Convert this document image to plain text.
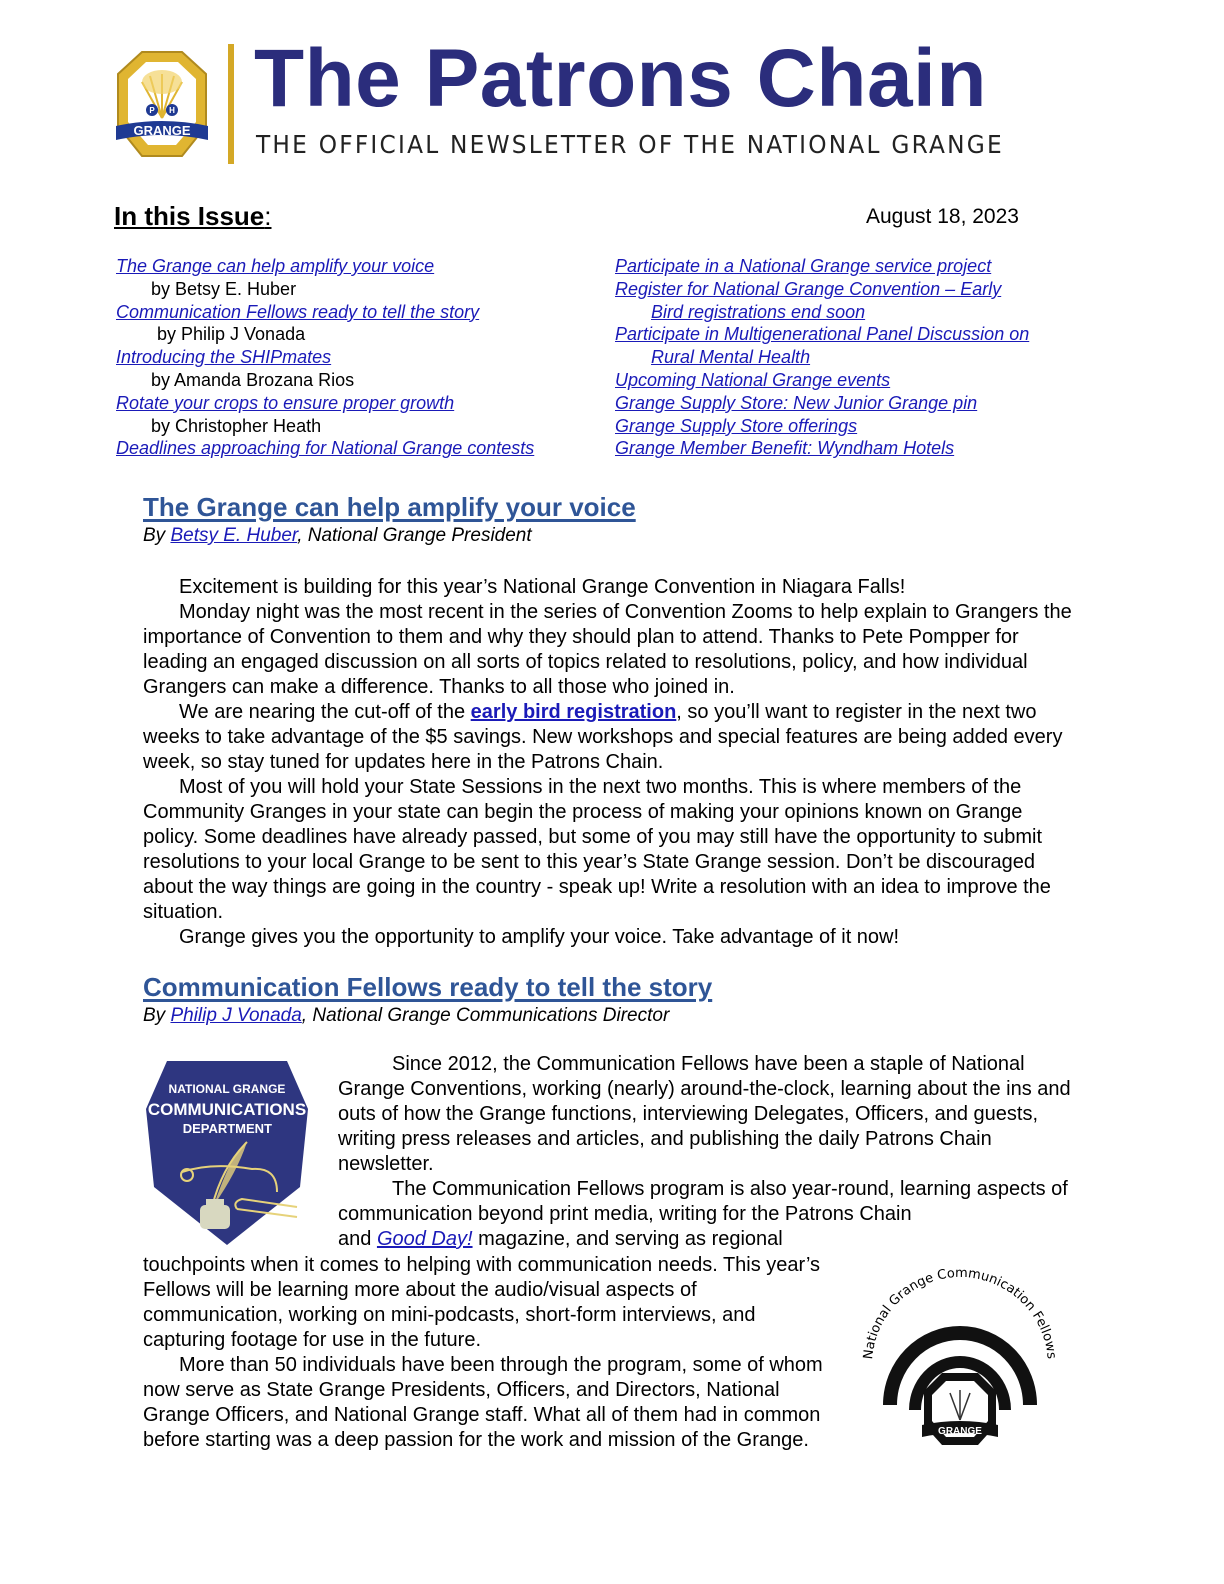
P H
GRANGE
The Patrons Chain
THE OFFICIAL NEWSLETTER OF THE NATIONAL GRANGE
In this Issue:	August 18, 2023
The Grange can help amplify your voice
by Betsy E. Huber
Communication Fellows ready to tell the story
by Philip J Vonada
Introducing the SHIPmates
by Amanda Brozana Rios
Rotate your crops to ensure proper growth
by Christopher Heath
Deadlines approaching for National Grange contests
Participate in a National Grange service project
Register for National Grange Convention – Early
Bird registrations end soon
Participate in Multigenerational Panel Discussion on
Rural Mental Health
Upcoming National Grange events
Grange Supply Store: New Junior Grange pin
Grange Supply Store offerings
Grange Member Benefit: Wyndham Hotels
The Grange can help amplify your voice
By Betsy E. Huber, National Grange President

Excitement is building for this year’s National Grange Convention in Niagara Falls!

Monday night was the most recent in the series of Convention Zooms to help explain to Grangers the importance of Convention to them and why they should plan to attend. Thanks to Pete Pompper for leading an engaged discussion on all sorts of topics related to resolutions, policy, and how individual Grangers can make a difference. Thanks to all those who joined in.

We are nearing the cut-off of the early bird registration, so you’ll want to register in the next two weeks to take advantage of the $5 savings. New workshops and special features are being added every week, so stay tuned for updates here in the Patrons Chain.

Most of you will hold your State Sessions in the next two months. This is where members of the Community Granges in your state can begin the process of making your opinions known on Grange policy. Some deadlines have already passed, but some of you may still have the opportunity to submit resolutions to your local Grange to be sent to this year’s State Grange session. Don’t be discouraged about the way things are going in the country - speak up! Write a resolution with an idea to improve the situation.

Grange gives you the opportunity to amplify your voice. Take advantage of it now!

Communication Fellows ready to tell the story
By Philip J Vonada, National Grange Communications Director
NATIONAL GRANGE
COMMUNICATIONS
DEPARTMENT

Since 2012, the Communication Fellows have been a staple of National Grange Conventions, working (nearly) around-the-clock, learning about the ins and outs of how the Grange functions, interviewing Delegates, Officers, and guests, writing press releases and articles, and publishing the daily Patrons Chain newsletter.

The Communication Fellows program is also year-round, learning aspects of communication beyond print media, writing for the Patrons Chain

and Good Day! magazine, and serving as regional
touchpoints when it comes to helping with communication needs. This year’s Fellows will be learning more about the audio/visual aspects of communication, working on mini-podcasts, short-form interviews, and capturing footage for use in the future.

More than 50 individuals have been through the program, some of whom now serve as State Grange Presidents, Officers, and Directors, National Grange Officers, and National Grange staff. What all of them had in common before starting was a deep passion for the work and mission of the Grange.

National Grange Communication Fellows
GRANGE
